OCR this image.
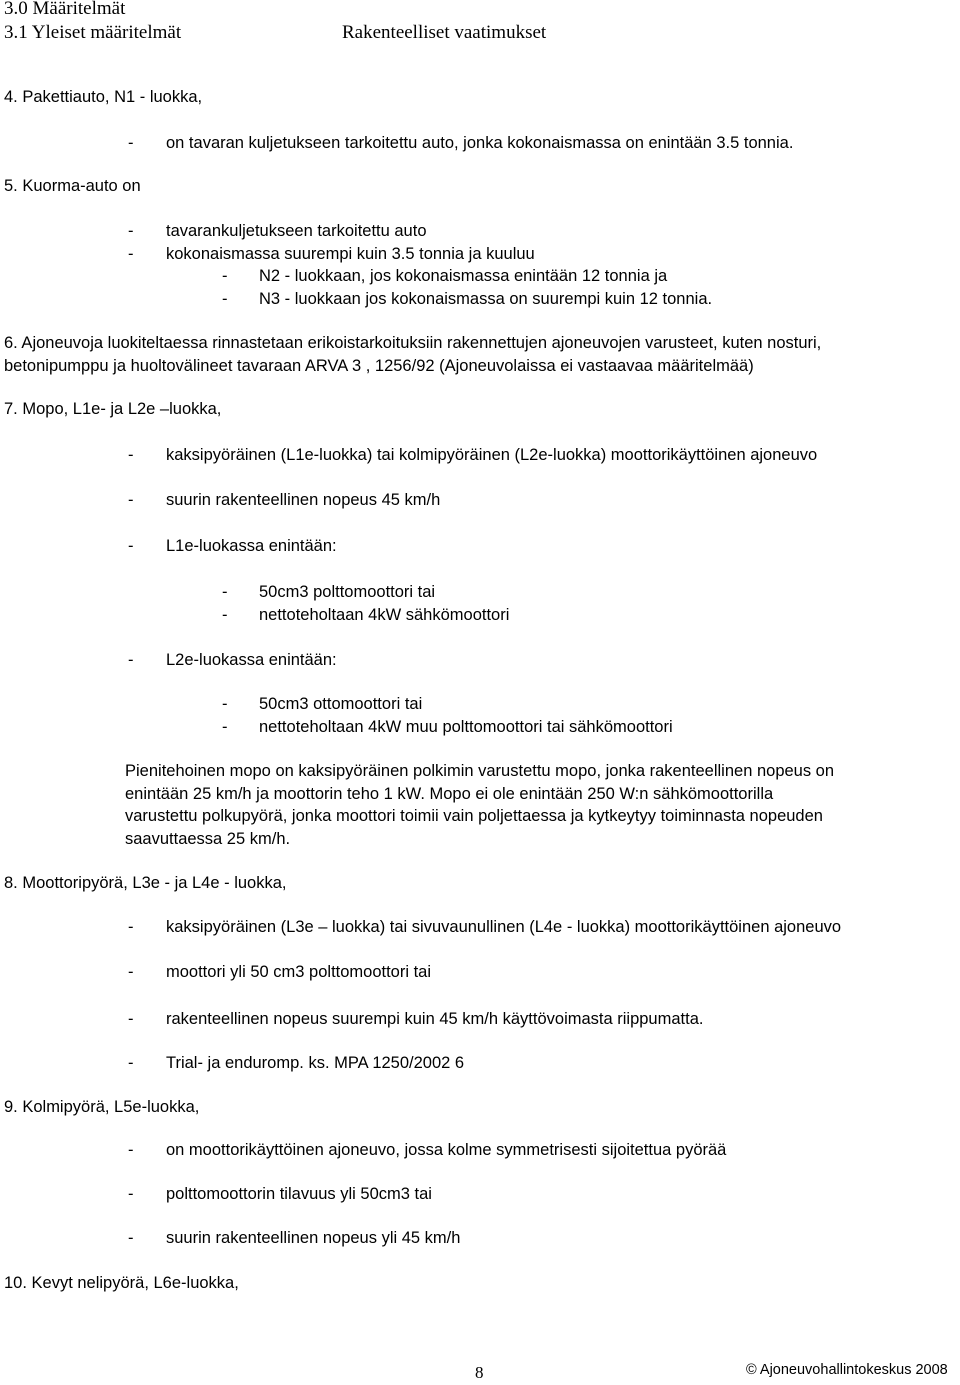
3.0 Määritelmät
3.1 Yleiset määritelmät	Rakenteelliset vaatimukset
4. Pakettiauto, N1 - luokka,
- on tavaran kuljetukseen tarkoitettu auto, jonka kokonaismassa on enintään 3.5 tonnia.
5. Kuorma-auto on
- tavarankuljetukseen tarkoitettu auto
- kokonaismassa suurempi kuin 3.5 tonnia ja kuuluu
- N2 - luokkaan, jos kokonaismassa enintään 12 tonnia ja
- N3 - luokkaan jos kokonaismassa on suurempi kuin 12 tonnia.
6. Ajoneuvoja luokiteltaessa rinnastetaan erikoistarkoituksiin rakennettujen ajoneuvojen varusteet, kuten nosturi,
betonipumppu ja huoltovälineet tavaraan ARVA 3 , 1256/92 (Ajoneuvolaissa ei vastaavaa määritelmää)
7. Mopo, L1e- ja L2e –luokka,
- kaksipyöräinen (L1e-luokka) tai kolmipyöräinen (L2e-luokka) moottorikäyttöinen ajoneuvo
- suurin rakenteellinen nopeus 45 km/h
- L1e-luokassa enintään:
- 50cm3 polttomoottori tai
- nettoteholtaan 4kW sähkömoottori
- L2e-luokassa enintään:
- 50cm3 ottomoottori tai
- nettoteholtaan 4kW muu polttomoottori tai sähkömoottori
Pienitehoinen mopo on kaksipyöräinen polkimin varustettu mopo, jonka rakenteellinen nopeus on
enintään 25 km/h ja moottorin teho 1 kW. Mopo ei ole enintään 250 W:n sähkömoottorilla
varustettu polkupyörä, jonka moottori toimii vain poljettaessa ja kytkeytyy toiminnasta nopeuden
saavuttaessa 25 km/h.
8. Moottoripyörä, L3e - ja L4e - luokka,
- kaksipyöräinen (L3e – luokka) tai sivuvaunullinen (L4e - luokka) moottorikäyttöinen ajoneuvo
- moottori yli 50 cm3 polttomoottori tai
- rakenteellinen nopeus suurempi kuin 45 km/h käyttövoimasta riippumatta.
- Trial- ja enduromp. ks. MPA 1250/2002 6
9. Kolmipyörä, L5e-luokka,
- on moottorikäyttöinen ajoneuvo, jossa kolme symmetrisesti sijoitettua pyörää
- polttomoottorin tilavuus yli 50cm3 tai
- suurin rakenteellinen nopeus yli 45 km/h
10. Kevyt nelipyörä, L6e-luokka,
8	© Ajoneuvohallintokeskus 2008
